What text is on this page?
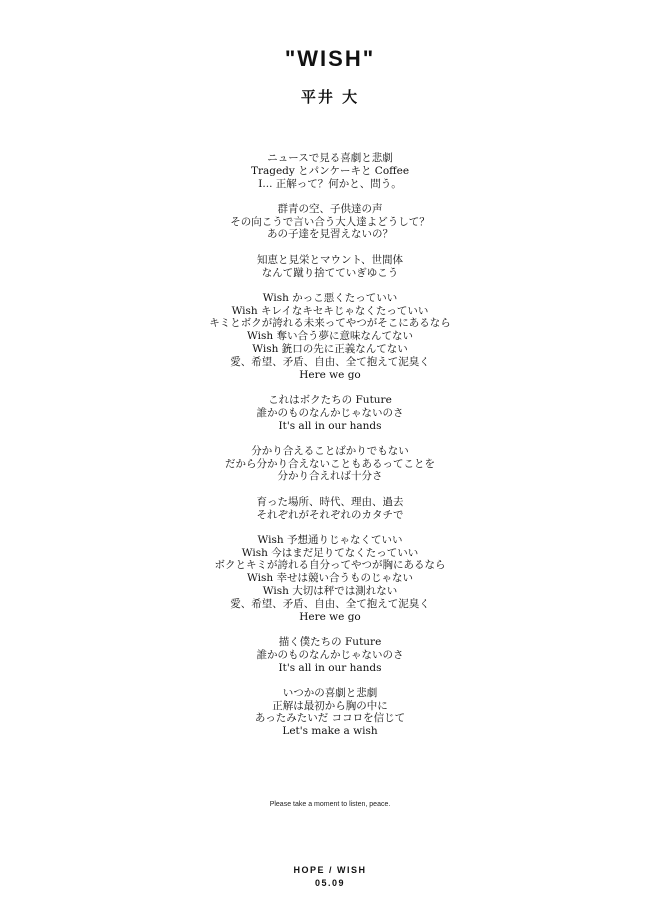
"WISH"
平井 大
ニュースで見る喜劇と悲劇
Tragedy とパンケーキと Coffee
I... 正解って？何かと、問う。
群青の空、子供達の声
その向こうで言い合う大人達よどうして？
あの子達を見習えないの？
知恵と見栄とマウント、世間体
なんて蹴り捨てていぎゆこう
Wish かっこ悪くたっていい
Wish キレイなキセキじゃなくたっていい
キミとボクが誇れる未来ってやつがそこにあるなら
Wish 奪い合う夢に意味なんてない
Wish 銃口の先に正義なんてない
愛、希望、矛盾、自由、全て抱えて泥臭く
Here we go
これはボクたちの Future
誰かのものなんかじゃないのさ
It's all in our hands
分かり合えることばかりでもない
だから分かり合えないこともあるってことを
分かり合えれば十分さ
育った場所、時代、理由、過去
それぞれがそれぞれのカタチで
Wish 予想通りじゃなくていい
Wish 今はまだ足りてなくたっていい
ボクとキミが誇れる自分ってやつが胸にあるなら
Wish 幸せは競い合うものじゃない
Wish 大切は秤では測れない
愛、希望、矛盾、自由、全て抱えて泥臭く
Here we go
描く僕たちの Future
誰かのものなんかじゃないのさ
It's all in our hands
いつかの喜劇と悲劇
正解は最初から胸の中に
あったみたいだ ココロを信じて
Let's make a wish
Please take a moment to listen, peace.
HOPE / WISH
05.09
